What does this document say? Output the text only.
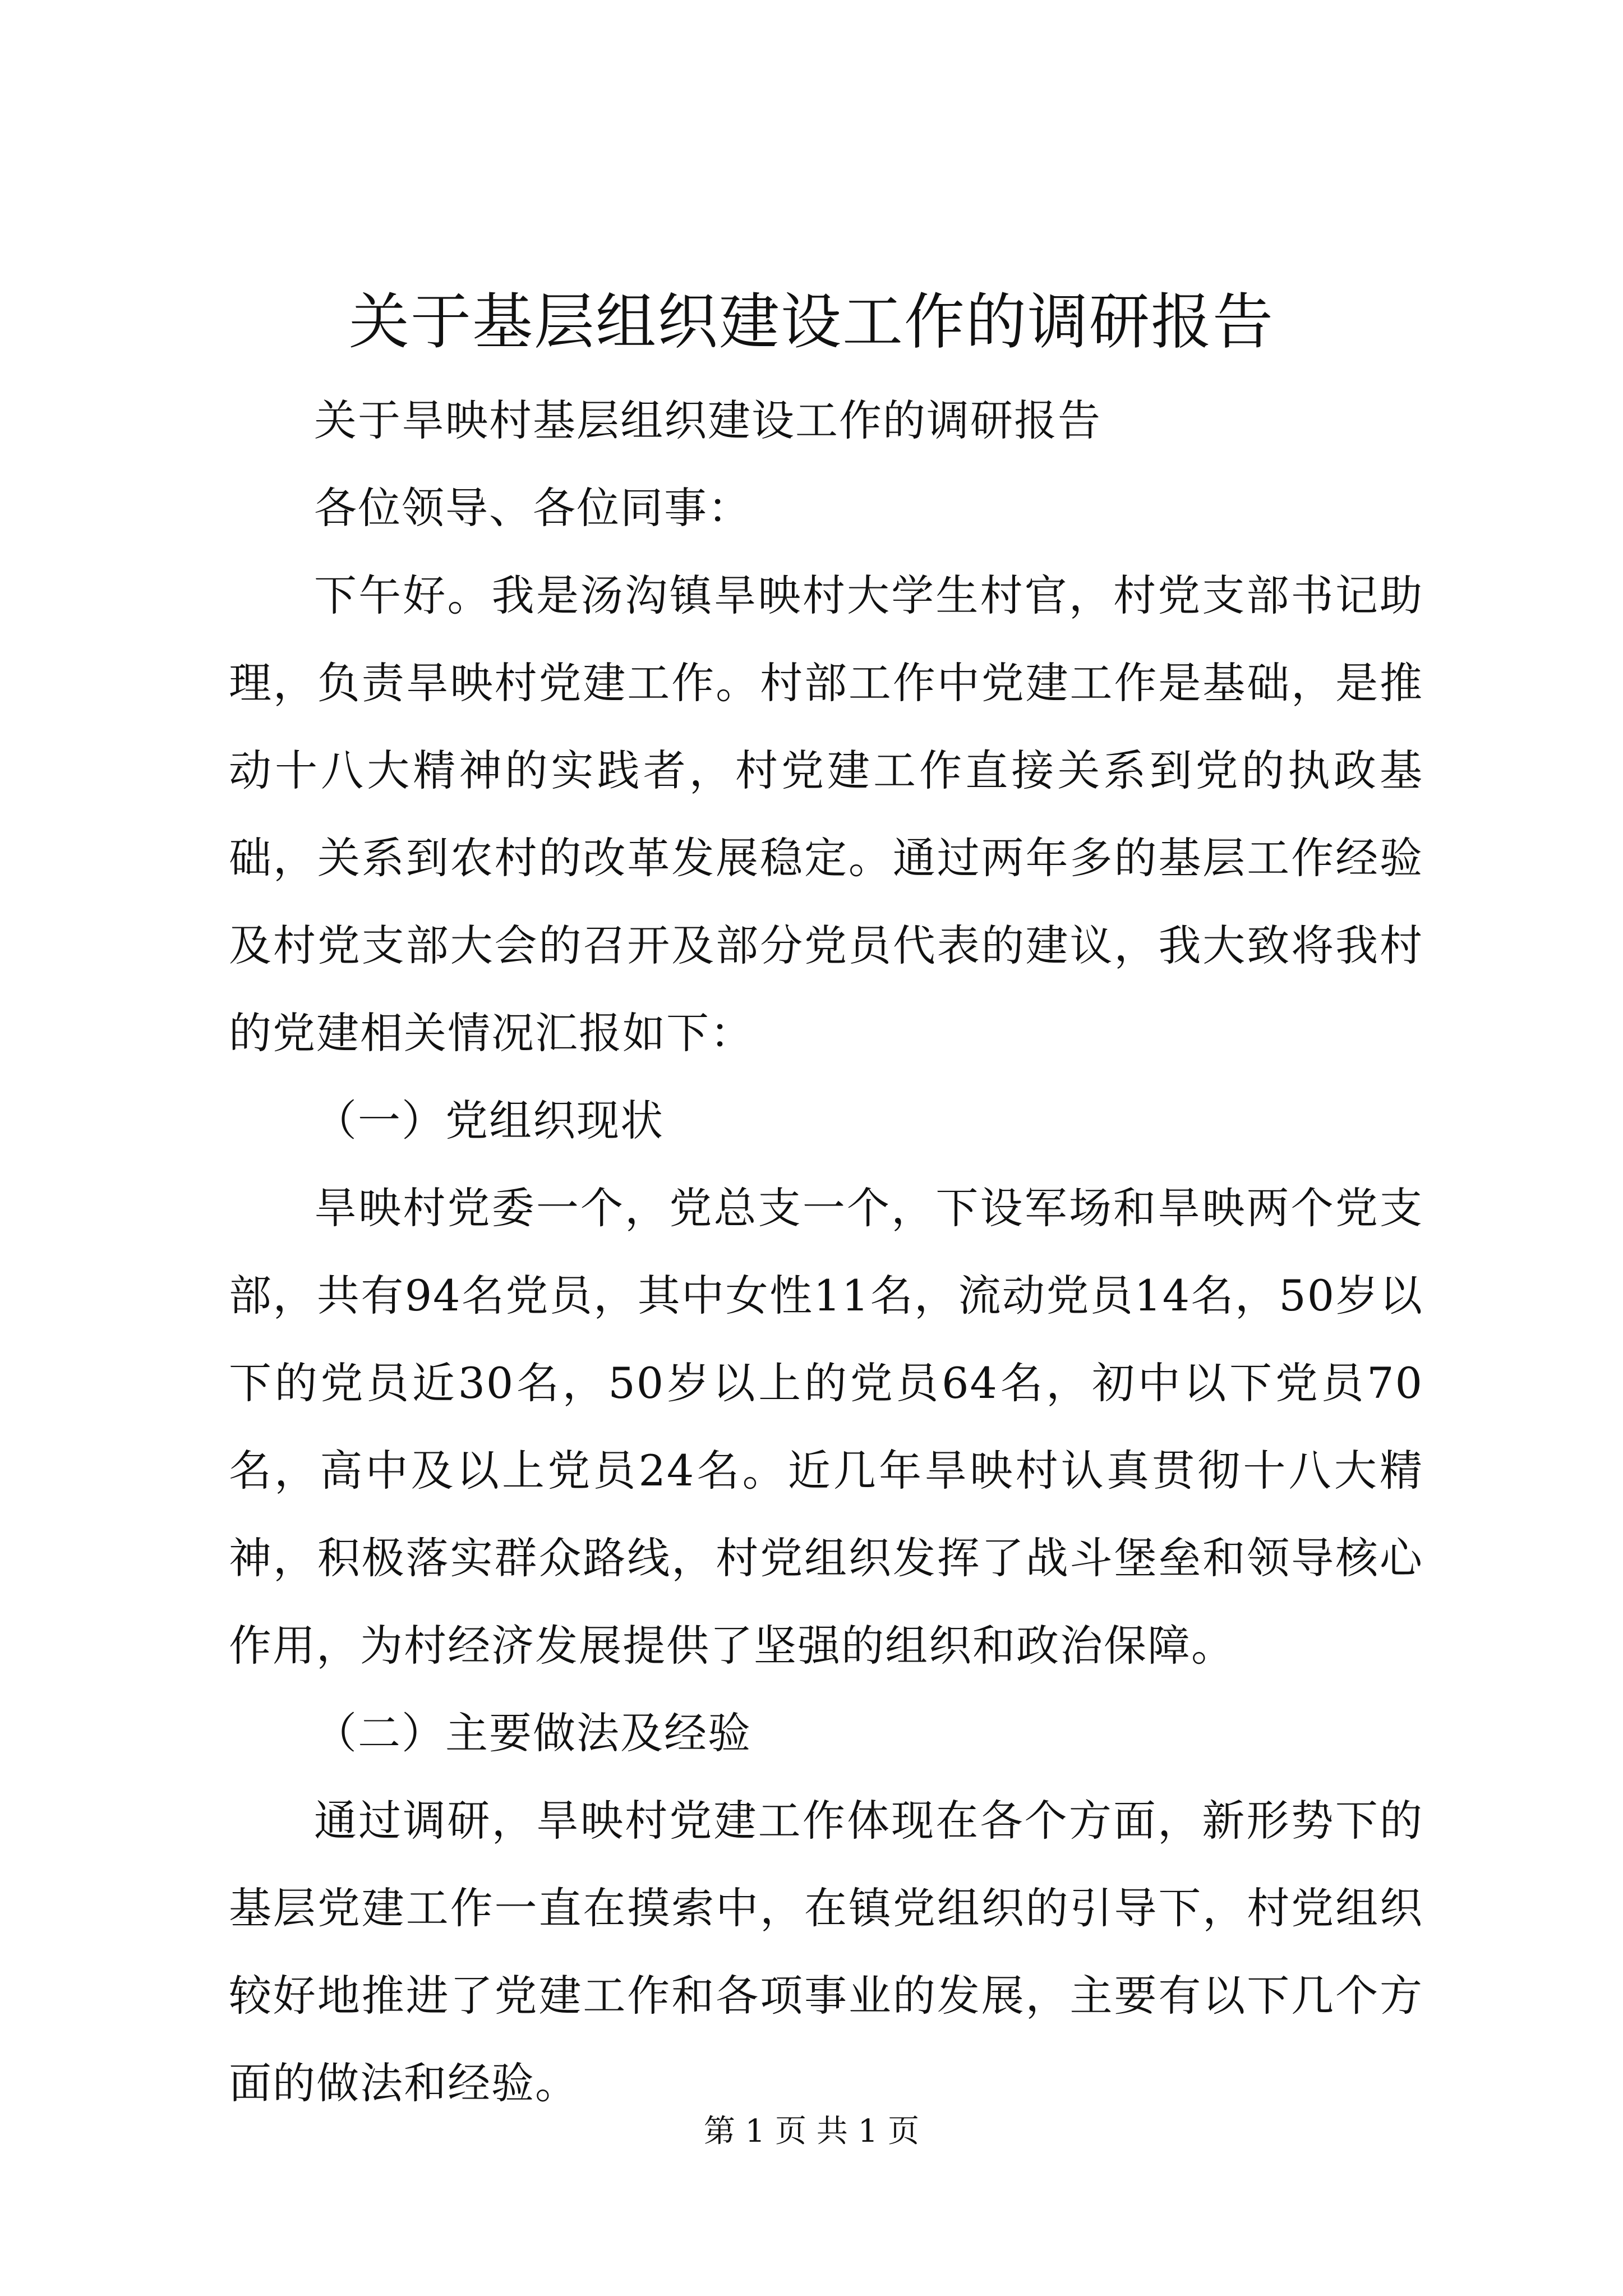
关于基层组织建设工作的调研报告

关于旱映村基层组织建设工作的调研报告

各位领导、各位同事：

下午好。我是汤沟镇旱映村大学生村官，村党支部书记助理，负责旱映村党建工作。村部工作中党建工作是基础，是推动十八大精神的实践者，村党建工作直接关系到党的执政基础，关系到农村的改革发展稳定。通过两年多的基层工作经验及村党支部大会的召开及部分党员代表的建议，我大致将我村的党建相关情况汇报如下：

（一）党组织现状

旱映村党委一个，党总支一个，下设军场和旱映两个党支部，共有94名党员，其中女性11名，流动党员14名，50岁以下的党员近30名，50岁以上的党员64名，初中以下党员70名，高中及以上党员24名。近几年旱映村认真贯彻十八大精神，积极落实群众路线，村党组织发挥了战斗堡垒和领导核心作用，为村经济发展提供了坚强的组织和政治保障。

（二）主要做法及经验

通过调研，旱映村党建工作体现在各个方面，新形势下的基层党建工作一直在摸索中，在镇党组织的引导下，村党组织较好地推进了党建工作和各项事业的发展，主要有以下几个方面的做法和经验。

第 1 页 共 1 页
